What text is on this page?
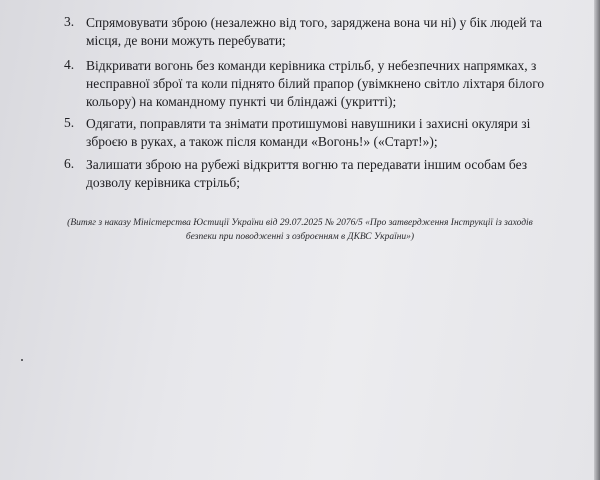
3. Спрямовувати зброю (незалежно від того, заряджена вона чи ні) у бік людей та
місця, де вони можуть перебувати;
4. Відкривати вогонь без команди керівника стрільб, у небезпечних напрямках, з
несправної зброї та коли піднято білий прапор (увімкнено світло ліхтаря білого
кольору) на командному пункті чи бліндажі (укритті);
5. Одягати, поправляти та знімати протишумові навушники і захисні окуляри зі
зброєю в руках, а також після команди «Вогонь!» («Старт!»);
6. Залишати зброю на рубежі відкриття вогню та передавати іншим особам без
дозволу керівника стрільб;
(Витяг з наказу Міністерства Юстиції України від 29.07.2025 № 2076/5 «Про затвердження Інструкції із заходів
безпеки при поводженні з озброєнням в ДКВС України»)
